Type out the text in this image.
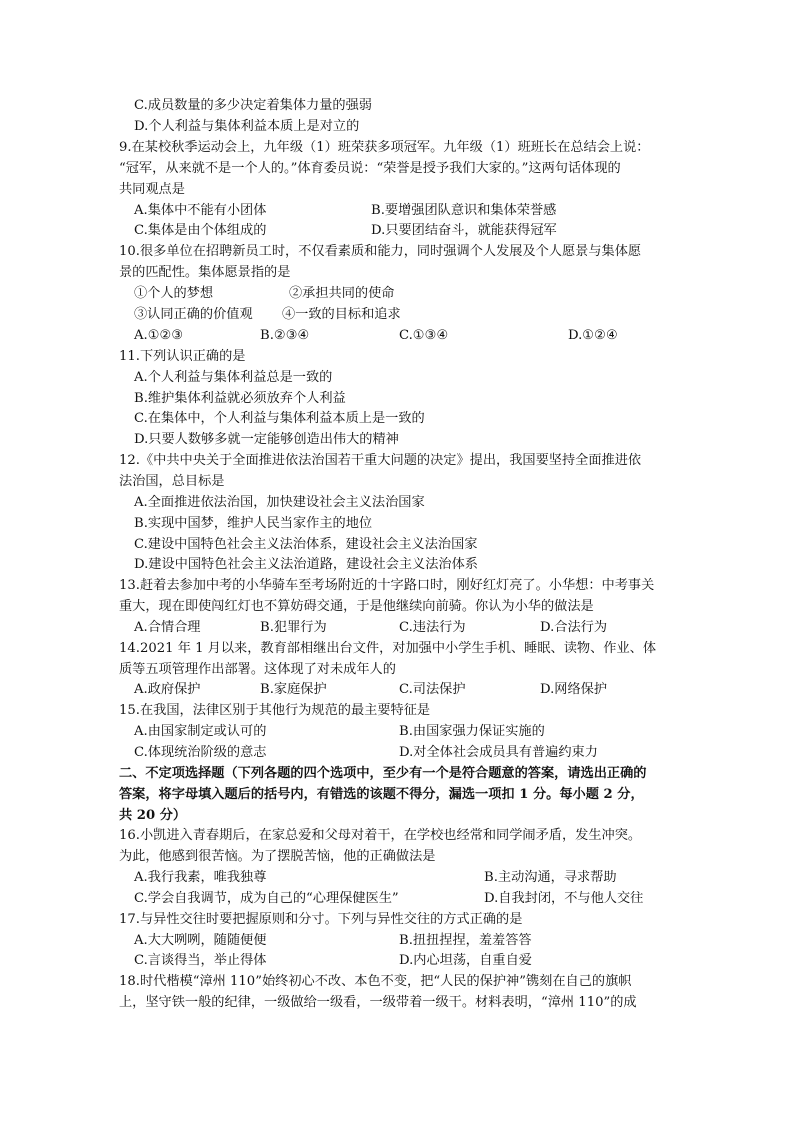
C.成员数量的多少决定着集体力量的强弱
D.个人利益与集体利益本质上是对立的
9.在某校秋季运动会上，九年级（1）班荣获多项冠军。九年级（1）班班长在总结会上说：
“冠军，从来就不是一个人的。”体育委员说：“荣誉是授予我们大家的。”这两句话体现的
共同观点是
A.集体中不能有小团体	B.要增强团队意识和集体荣誉感
C.集体是由个体组成的	D.只要团结奋斗，就能获得冠军
10.很多单位在招聘新员工时，不仅看素质和能力，同时强调个人发展及个人愿景与集体愿
景的匹配性。集体愿景指的是
①个人的梦想	②承担共同的使命
③认同正确的价值观 ④一致的目标和追求
A.①②③	B.②③④	C.①③④	D.①②④
11.下列认识正确的是
A.个人利益与集体利益总是一致的
B.维护集体利益就必须放弃个人利益
C.在集体中，个人利益与集体利益本质上是一致的
D.只要人数够多就一定能够创造出伟大的精神
12.《中共中央关于全面推进依法治国若干重大问题的决定》提出，我国要坚持全面推进依
法治国，总目标是
A.全面推进依法治国，加快建设社会主义法治国家
B.实现中国梦，维护人民当家作主的地位
C.建设中国特色社会主义法治体系，建设社会主义法治国家
D.建设中国特色社会主义法治道路，建设社会主义法治体系
13.赶着去参加中考的小华骑车至考场附近的十字路口时，刚好红灯亮了。小华想：中考事关
重大，现在即使闯红灯也不算妨碍交通，于是他继续向前骑。你认为小华的做法是
A.合情合理	B.犯罪行为	C.违法行为	D.合法行为
14.2021 年 1 月以来，教育部相继出台文件，对加强中小学生手机、睡眠、读物、作业、体
质等五项管理作出部署。这体现了对未成年人的
A.政府保护	B.家庭保护	C.司法保护	D.网络保护
15.在我国，法律区别于其他行为规范的最主要特征是
A.由国家制定或认可的	B.由国家强力保证实施的
C.体现统治阶级的意志	D.对全体社会成员具有普遍约束力
二、不定项选择题（下列各题的四个选项中，至少有一个是符合题意的答案，请选出正确的
答案，将字母填入题后的括号内，有错选的该题不得分，漏选一项扣 1 分。每小题 2 分，
共 20 分）
16.小凯进入青春期后，在家总爱和父母对着干，在学校也经常和同学闹矛盾，发生冲突。
为此，他感到很苦恼。为了摆脱苦恼，他的正确做法是
A.我行我素，唯我独尊	B.主动沟通，寻求帮助
C.学会自我调节，成为自己的“心理保健医生”	D.自我封闭，不与他人交往
17.与异性交往时要把握原则和分寸。下列与异性交往的方式正确的是
A.大大咧咧，随随便便	B.扭扭捏捏，羞羞答答
C.言谈得当，举止得体	D.内心坦荡，自重自爱
18.时代楷模“漳州 110”始终初心不改、本色不变，把“人民的保护神”镌刻在自己的旗帜
上，坚守铁一般的纪律，一级做给一级看，一级带着一级干。材料表明，“漳州 110”的成
